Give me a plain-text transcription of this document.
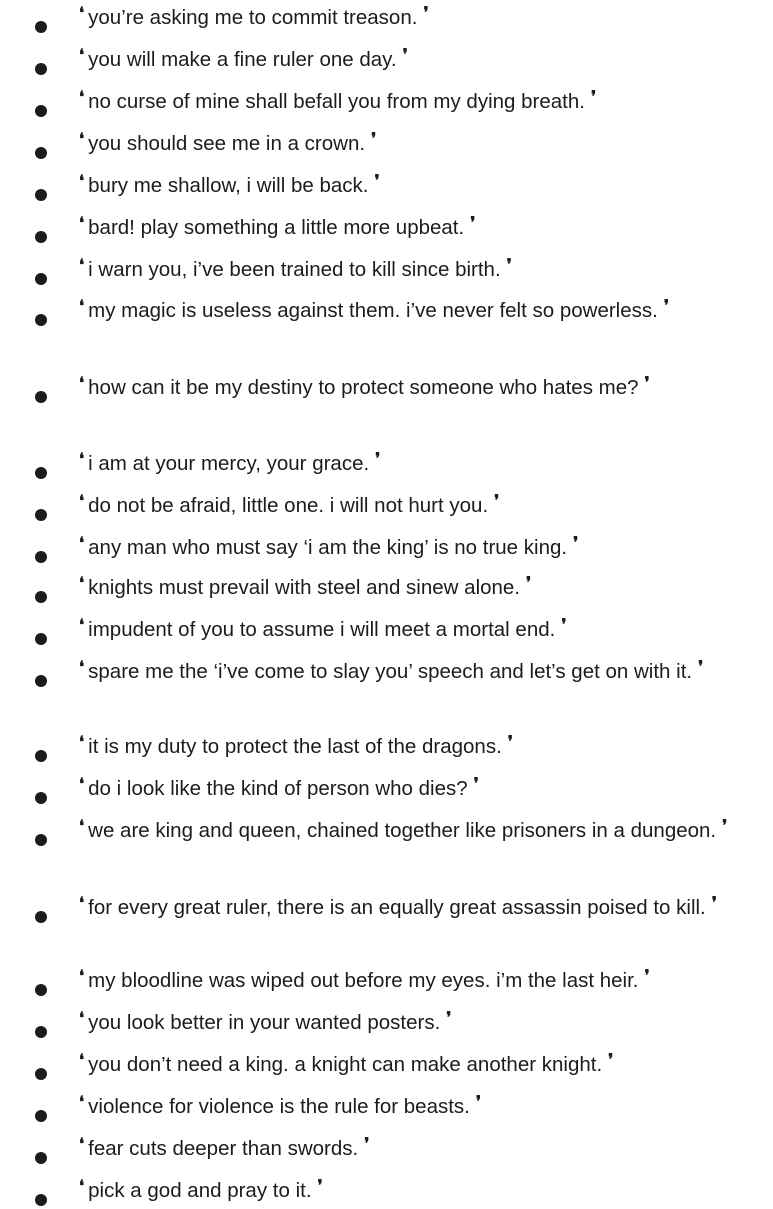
❛ you’re asking me to commit treason. ❜
❛ you will make a fine ruler one day. ❜
❛ no curse of mine shall befall you from my dying breath. ❜
❛ you should see me in a crown. ❜
❛ bury me shallow, i will be back. ❜
❛ bard! play something a little more upbeat. ❜
❛ i warn you, i’ve been trained to kill since birth. ❜
❛ my magic is useless against them. i’ve never felt so powerless. ❜
❛ how can it be my destiny to protect someone who hates me? ❜
❛ i am at your mercy, your grace. ❜
❛ do not be afraid, little one. i will not hurt you. ❜
❛ any man who must say ‘i am the king’ is no true king. ❜
❛ knights must prevail with steel and sinew alone. ❜
❛ impudent of you to assume i will meet a mortal end. ❜
❛ spare me the ‘i’ve come to slay you’ speech and let’s get on with it. ❜
❛ it is my duty to protect the last of the dragons. ❜
❛ do i look like the kind of person who dies? ❜
❛ we are king and queen, chained together like prisoners in a dungeon. ❜
❛ for every great ruler, there is an equally great assassin poised to kill. ❜
❛ my bloodline was wiped out before my eyes. i’m the last heir. ❜
❛ you look better in your wanted posters. ❜
❛ you don’t need a king. a knight can make another knight. ❜
❛ violence for violence is the rule for beasts. ❜
❛ fear cuts deeper than swords. ❜
❛ pick a god and pray to it. ❜
